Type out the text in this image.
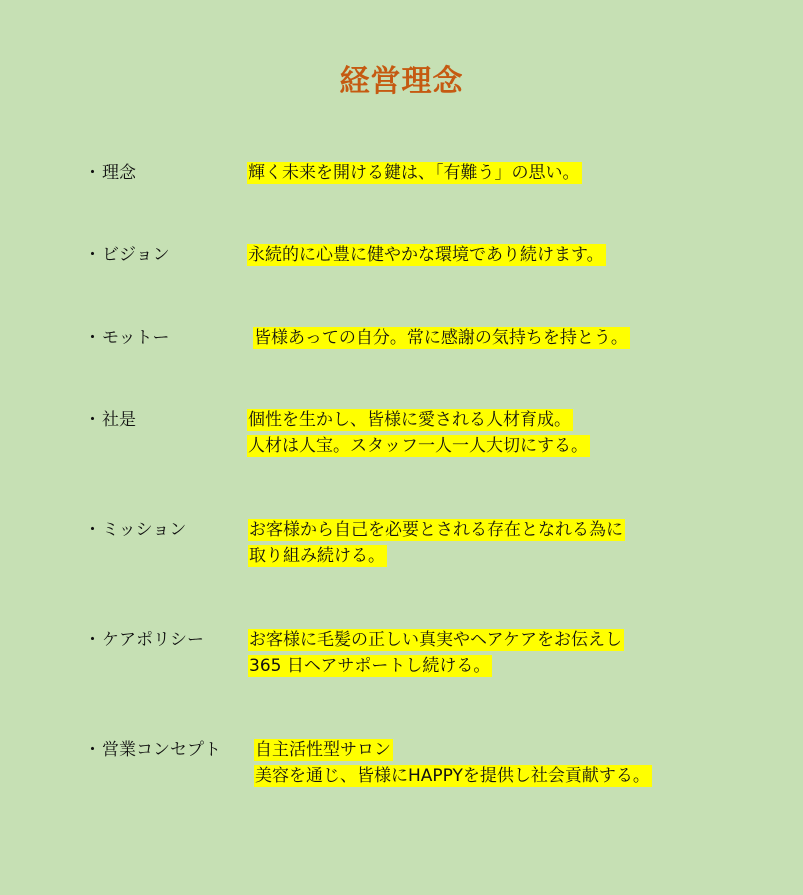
経営理念
・理念	輝く未来を開ける鍵は、「有難う」の思い。
・ビジョン	永続的に心豊に健やかな環境であり続けます。
・モットー	皆様あっての自分。常に感謝の気持ちを持とう。
・社是	個性を生かし、皆様に愛される人材育成。
人材は人宝。スタッフ一人一人大切にする。
・ミッション	お客様から自己を必要とされる存在となれる為に
取り組み続ける。
・ケアポリシー	お客様に毛髪の正しい真実やヘアケアをお伝えし
365 日ヘアサポートし続ける。
・営業コンセプト 自主活性型サロン
美容を通じ、皆様にHAPPYを提供し社会貢献する。
